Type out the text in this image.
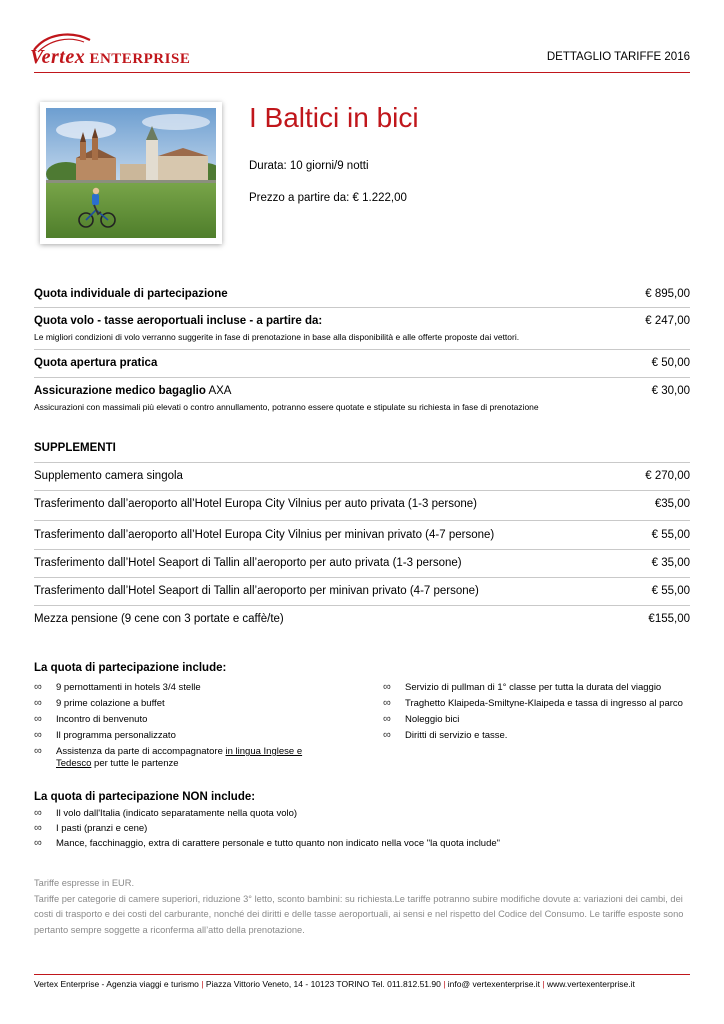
Vertex ENTERPRISE	DETTAGLIO TARIFFE 2016
I Baltici in bici
Durata: 10 giorni/9 notti
Prezzo a partire da: € 1.222,00
Quota individuale di partecipazione	€ 895,00
Quota volo - tasse aeroportuali incluse - a partire da:	€ 247,00
Le migliori condizioni di volo verranno suggerite in fase di prenotazione in base alla disponibilità e alle offerte proposte dai vettori.
Quota apertura pratica	€ 50,00
Assicurazione medico bagaglio AXA	€ 30,00
Assicurazioni con massimali più elevati o contro annullamento, potranno essere quotate e stipulate su richiesta in fase di prenotazione
SUPPLEMENTI
Supplemento camera singola	€ 270,00
Trasferimento dall’aeroporto all’Hotel Europa City Vilnius per auto privata (1-3 persone)	€35,00
Trasferimento dall’aeroporto all’Hotel Europa City Vilnius per minivan privato (4-7 persone)	€ 55,00
Trasferimento dall’Hotel Seaport di Tallin all’aeroporto per auto privata (1-3 persone)	€ 35,00
Trasferimento dall’Hotel Seaport di Tallin all’aeroporto per minivan privato (4-7 persone)	€ 55,00
Mezza pensione (9 cene con 3 portate e caffè/te)	€155,00
La quota di partecipazione include:
∞ 9 pernottamenti in hotels 3/4 stelle
∞ 9 prime colazione a buffet
∞ Incontro di benvenuto
∞ Il programma personalizzato
∞ Assistenza da parte di accompagnatore in lingua Inglese e Tedesco per tutte le partenze
∞ Servizio di pullman di 1° classe per tutta la durata del viaggio
∞ Traghetto Klaipeda-Smiltyne-Klaipeda e tassa di ingresso al parco
∞ Noleggio bici
∞ Diritti di servizio e tasse.
La quota di partecipazione NON include:
∞ Il volo dall'Italia (indicato separatamente nella quota volo)
∞ I pasti (pranzi e cene)
∞ Mance, facchinaggio, extra di carattere personale e tutto quanto non indicato nella voce "la quota include"
Tariffe espresse in EUR.
Tariffe per categorie di camere superiori, riduzione 3° letto, sconto bambini: su richiesta.Le tariffe potranno subire modifiche dovute a: variazioni dei cambi, dei costi di trasporto e dei costi del carburante, nonché dei diritti e delle tasse aeroportuali, ai sensi e nel rispetto del Codice del Consumo. Le tariffe esposte sono pertanto sempre soggette a riconferma all’atto della prenotazione.
Vertex Enterprise - Agenzia viaggi e turismo | Piazza Vittorio Veneto, 14 - 10123 TORINO Tel. 011.812.51.90 | info@ vertexenterprise.it | www.vertexenterprise.it
